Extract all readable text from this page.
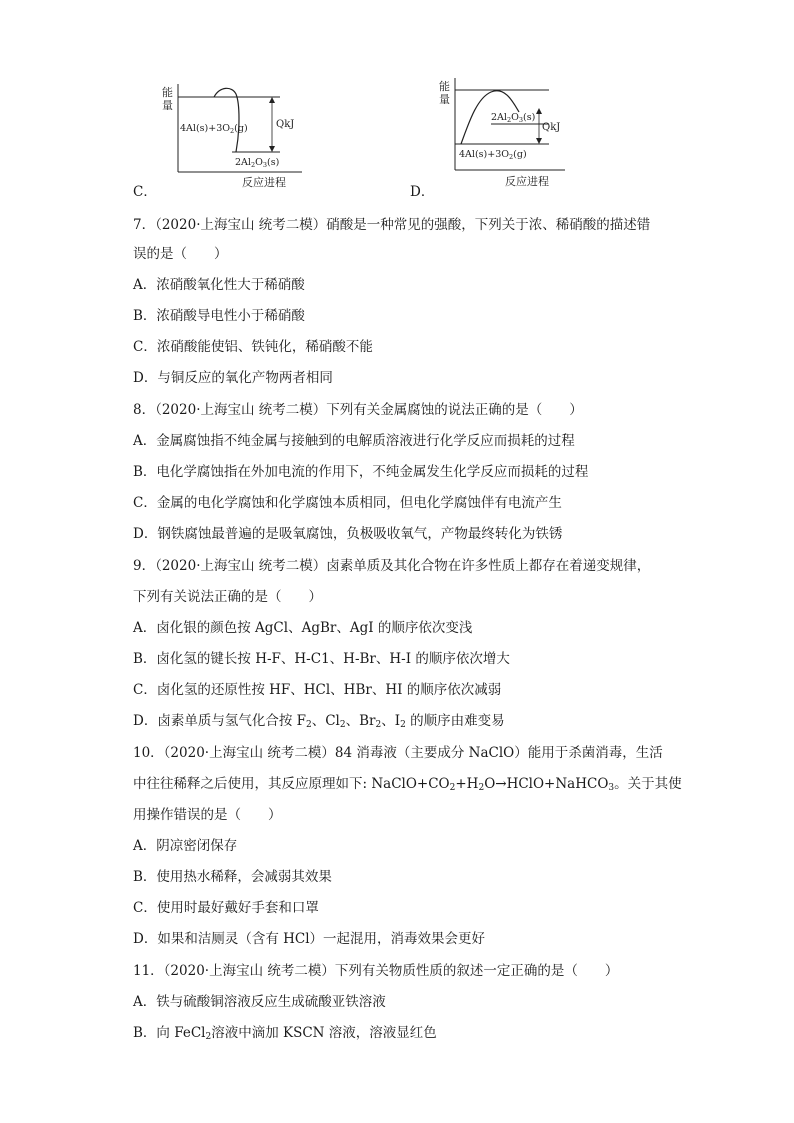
能
量
QkJ
$4Al(s)+3O_2(g)$
$2Al_2O_3(s)$
反应进程
C．
能
量
QkJ
$2Al_2O_3(s)$
$4Al(s)+3O_2(g)$
反应进程
D．
7．（2020·上海宝山 统考二模）硝酸是一种常见的强酸，下列关于浓、稀硝酸的描述错
误的是（　　）
A．浓硝酸氧化性大于稀硝酸
B．浓硝酸导电性小于稀硝酸
C．浓硝酸能使铝、铁钝化，稀硝酸不能
D．与铜反应的氧化产物两者相同
8．（2020·上海宝山 统考二模）下列有关金属腐蚀的说法正确的是（　　）
A．金属腐蚀指不纯金属与接触到的电解质溶液进行化学反应而损耗的过程
B．电化学腐蚀指在外加电流的作用下，不纯金属发生化学反应而损耗的过程
C．金属的电化学腐蚀和化学腐蚀本质相同，但电化学腐蚀伴有电流产生
D．钢铁腐蚀最普遍的是吸氧腐蚀，负极吸收氧气，产物最终转化为铁锈
9．（2020·上海宝山 统考二模）卤素单质及其化合物在许多性质上都存在着递变规律，
下列有关说法正确的是（　　）
A．卤化银的颜色按 AgCl、AgBr、AgI 的顺序依次变浅
B．卤化氢的键长按 H-F、H-C1、H-Br、H-I 的顺序依次增大
C．卤化氢的还原性按 HF、HCl、HBr、HI 的顺序依次减弱
D．卤素单质与氢气化合按 $F_2$、$Cl_2$、$Br_2$、$I_2$ 的顺序由难变易
10．（2020·上海宝山 统考二模）84 消毒液（主要成分 NaClO）能用于杀菌消毒，生活
中往往稀释之后使用，其反应原理如下: $NaClO+CO_2+H_2O\to HClO+NaHCO_3$。关于其使
用操作错误的是（　　）
A．阴凉密闭保存
B．使用热水稀释，会减弱其效果
C．使用时最好戴好手套和口罩
D．如果和洁厕灵（含有 HCl）一起混用，消毒效果会更好
11．（2020·上海宝山 统考二模）下列有关物质性质的叙述一定正确的是（　　）
A．铁与硫酸铜溶液反应生成硫酸亚铁溶液
B．向 FeCl$_2$溶液中滴加 KSCN 溶液，溶液显红色
